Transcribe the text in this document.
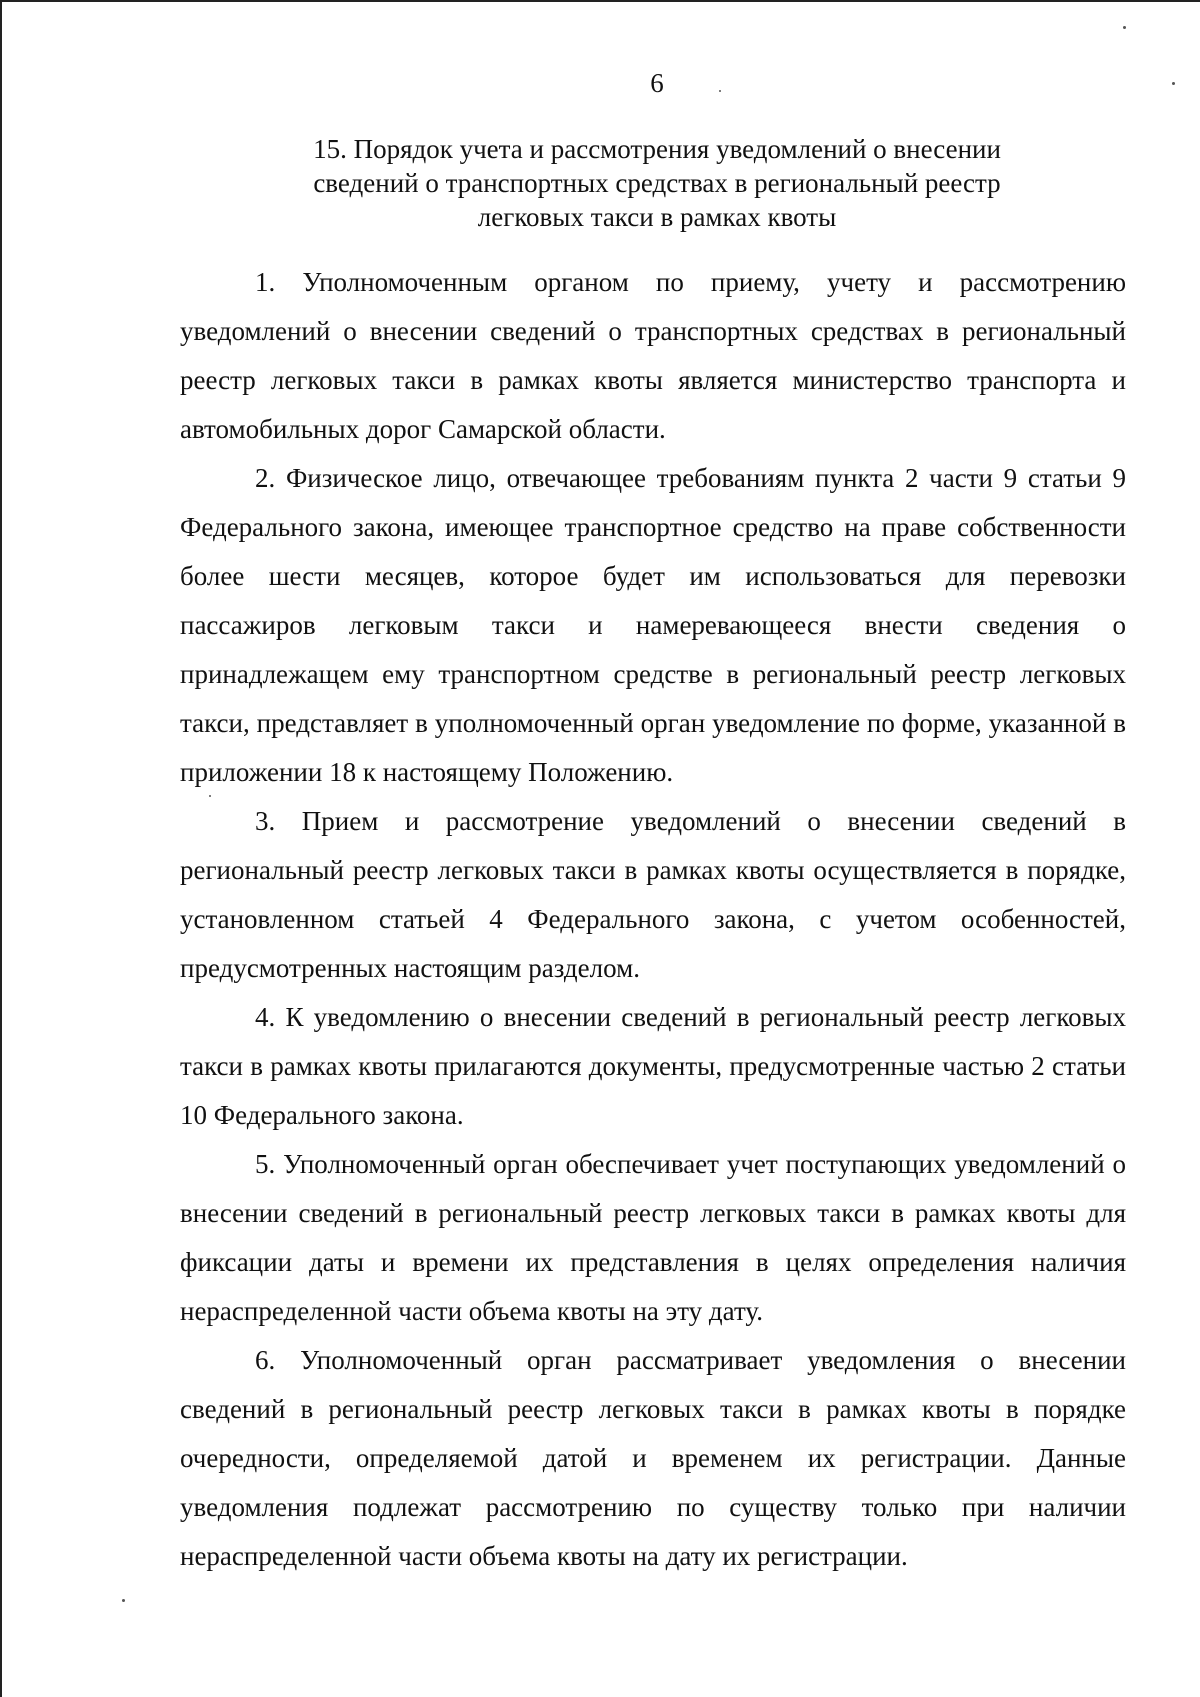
6
15. Порядок учета и рассмотрения уведомлений о внесении
сведений о транспортных средствах в региональный реестр
легковых такси в рамках квоты

1. Уполномоченным органом по приему, учету и рассмотрению уведомлений о внесении сведений о транспортных средствах в региональный реестр легковых такси в рамках квоты является министерство транспорта и автомобильных дорог Самарской области.

2. Физическое лицо, отвечающее требованиям пункта 2 части 9 статьи 9 Федерального закона, имеющее транспортное средство на праве собственности более шести месяцев, которое будет им использоваться для перевозки пассажиров легковым такси и намеревающееся внести сведения о принадлежащем ему транспортном средстве в региональный реестр легковых такси, представляет в уполномоченный орган уведомление по форме, указанной в приложении 18 к настоящему Положению.

3. Прием и рассмотрение уведомлений о внесении сведений в региональный реестр легковых такси в рамках квоты осуществляется в порядке, установленном статьей 4 Федерального закона, с учетом особенностей, предусмотренных настоящим разделом.

4. К уведомлению о внесении сведений в региональный реестр легковых такси в рамках квоты прилагаются документы, предусмотренные частью 2 статьи 10 Федерального закона.

5. Уполномоченный орган обеспечивает учет поступающих уведомлений о внесении сведений в региональный реестр легковых такси в рамках квоты для фиксации даты и времени их представления в целях определения наличия нераспределенной части объема квоты на эту дату.

6. Уполномоченный орган рассматривает уведомления о внесении сведений в региональный реестр легковых такси в рамках квоты в порядке очередности, определяемой датой и временем их регистрации. Данные уведомления подлежат рассмотрению по существу только при наличии нераспределенной части объема квоты на дату их регистрации.
